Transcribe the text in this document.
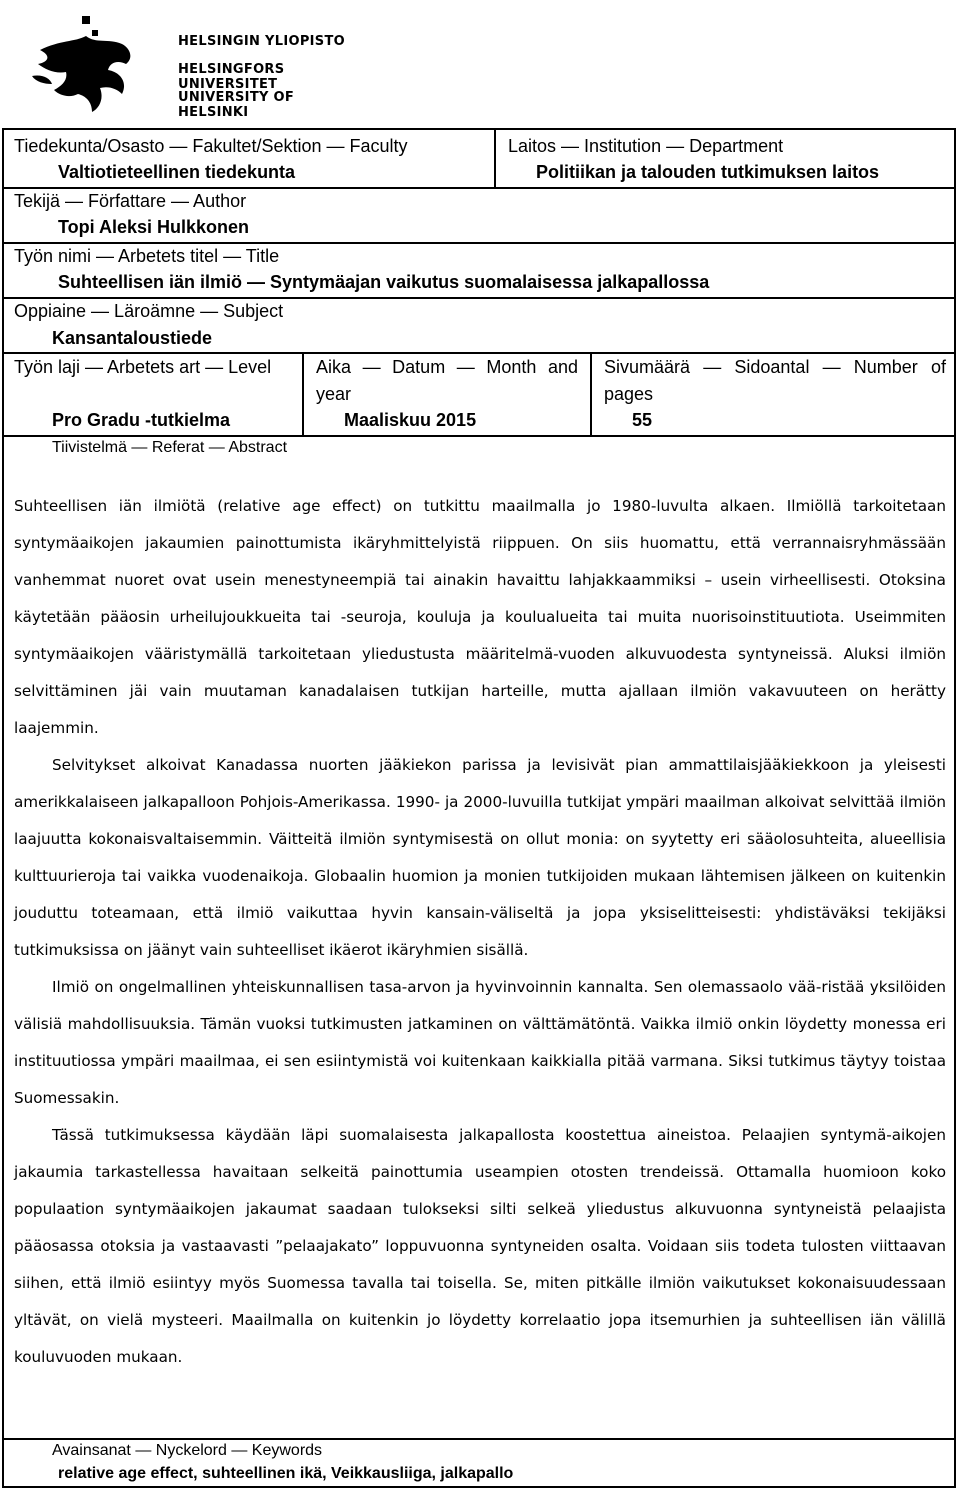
HELSINGIN YLIOPISTO
HELSINGFORS UNIVERSITET
UNIVERSITY OF HELSINKI
Tiedekunta/Osasto — Fakultet/Sektion — Faculty
Valtiotieteellinen tiedekunta
Laitos — Institution — Department
Politiikan ja talouden tutkimuksen laitos
Tekijä — Författare — Author
Topi Aleksi Hulkkonen
Työn nimi — Arbetets titel — Title
Suhteellisen iän ilmiö — Syntymäajan vaikutus suomalaisessa jalkapallossa
Oppiaine — Läroämne — Subject
Kansantaloustiede
Työn laji — Arbetets art — Level
Pro Gradu -tutkielma
Aika — Datum — Month and
year
Maaliskuu 2015
Sivumäärä — Sidoantal — Number of
pages
55
Tiivistelmä — Referat — Abstract

Suhteellisen iän ilmiötä (relative age effect) on tutkittu maailmalla jo 1980-luvulta alkaen. Ilmiöllä tarkoitetaan syntymäaikojen jakaumien painottumista ikäryhmittelyistä riippuen. On siis huomattu, että verrannaisryhmässään vanhemmat nuoret ovat usein menestyneempiä tai ainakin havaittu lahjakkaammiksi – usein virheellisesti. Otoksina käytetään pääosin urheilujoukkueita tai -seuroja, kouluja ja koulualueita tai muita nuorisoinstituutiota. Useimmiten syntymäaikojen vääristymällä tarkoitetaan yliedustusta määritelmä-vuoden alkuvuodesta syntyneissä. Aluksi ilmiön selvittäminen jäi vain muutaman kanadalaisen tutkijan harteille, mutta ajallaan ilmiön vakavuuteen on herätty laajemmin.

Selvitykset alkoivat Kanadassa nuorten jääkiekon parissa ja levisivät pian ammattilaisjääkiekkoon ja yleisesti amerikkalaiseen jalkapalloon Pohjois-Amerikassa. 1990- ja 2000-luvuilla tutkijat ympäri maailman alkoivat selvittää ilmiön laajuutta kokonaisvaltaisemmin. Väitteitä ilmiön syntymisestä on ollut monia: on syytetty eri sääolosuhteita, alueellisia kulttuurieroja tai vaikka vuodenaikoja. Globaalin huomion ja monien tutkijoiden mukaan lähtemisen jälkeen on kuitenkin jouduttu toteamaan, että ilmiö vaikuttaa hyvin kansain-väliseltä ja jopa yksiselitteisesti: yhdistäväksi tekijäksi tutkimuksissa on jäänyt vain suhteelliset ikäerot ikäryhmien sisällä.

Ilmiö on ongelmallinen yhteiskunnallisen tasa-arvon ja hyvinvoinnin kannalta. Sen olemassaolo vää-ristää yksilöiden välisiä mahdollisuuksia. Tämän vuoksi tutkimusten jatkaminen on välttämätöntä. Vaikka ilmiö onkin löydetty monessa eri instituutiossa ympäri maailmaa, ei sen esiintymistä voi kuitenkaan kaikkialla pitää varmana. Siksi tutkimus täytyy toistaa Suomessakin.

Tässä tutkimuksessa käydään läpi suomalaisesta jalkapallosta koostettua aineistoa. Pelaajien syntymä-aikojen jakaumia tarkastellessa havaitaan selkeitä painottumia useampien otosten trendeissä. Ottamalla huomioon koko populaation syntymäaikojen jakaumat saadaan tulokseksi silti selkeä yliedustus alkuvuonna syntyneistä pelaajista pääosassa otoksia ja vastaavasti ”pelaajakato” loppuvuonna syntyneiden osalta. Voidaan siis todeta tulosten viittaavan siihen, että ilmiö esiintyy myös Suomessa tavalla tai toisella. Se, miten pitkälle ilmiön vaikutukset kokonaisuudessaan yltävät, on vielä mysteeri. Maailmalla on kuitenkin jo löydetty korrelaatio jopa itsemurhien ja suhteellisen iän välillä kouluvuoden mukaan.

Avainsanat — Nyckelord — Keywords
relative age effect, suhteellinen ikä, Veikkausliiga, jalkapallo
